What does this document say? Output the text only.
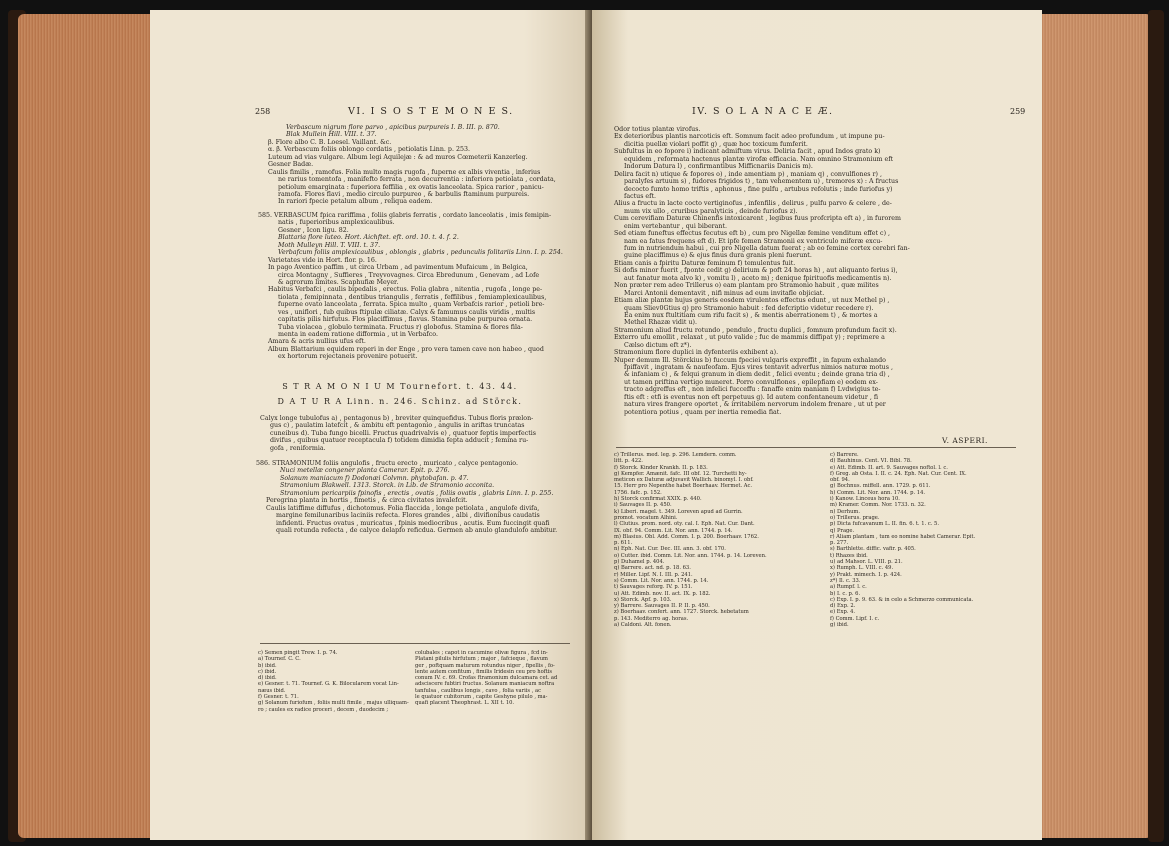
258	VI. I S O S T E M O N E S.
Verbascum nigrum flore parvo , apicibus purpureis I. B. III. p. 870.
Blak Mullein Hill. VIII. t. 37.
β. Flore albo C. B. Loesel. Vaillant. &c.
α. β. Verbascum foliis oblongo cordatis , petiolatis Linn. p. 253.
Luteum ad vias vulgare. Album legi Aquilejæ : & ad muros Cœmeterii Kanzerleg.
Gesner Badæ.
Caulis fimilis , ramofus. Folia multo magis rugofa , fuperne ex albis viventia , inferius
ne rarius tomentofa , manifefto ferrata , non decurrentia : inferiora petiolata , cordata,
petiolum emarginata : fuperiora feffilia , ex ovatis lanceolata. Spica rarior , panicu-
ramofa. Flores flavi , medio circulo purpureo , & barbulis ftaminum purpureis.
In rariori fpecie petalum album , reliqua eadem.
585. VERBASCUM fpica rariffima , foliis glabris ferratis , cordato lanceolatis , imis femipin-
natis , fuperioribus amplexicaulibus.
Gesner , Icon ligu. 82.
Blattaria flore luteo. Hort. Aichftet. eft. ord. 10. t. 4. f. 2.
Moth Mulleyn Hill. T. VIII. t. 37.
Verbafcum foliis amplexicaulibus , oblongis , glabris , pedunculis folitariis Linn. I. p. 254.
Varietates vide in Hort. flor. p. 16.
In pago Aventico paffim , ut circa Urbam , ad pavimentum Mufaicum , in Belgica,
circa Montagny , Suffieres , Treyvovagnes. Circa Ebredunum , Genevam , ad Lofe
& agrorum limites. Scaphufiæ Meyer.
Habitus Verbafci , caulis bipedalis , erectus. Folia glabra , nitentia , rugofa , longe pe-
tiolata , femipinnata , dentibus triangulis , ferratis , feffilibus , femiamplexicaulibus,
fuperne ovato lanceolata , ferrata. Spica multo , quam Verbafcis rarior , petioli bre-
ves , uniflori , fub quibus ftipulæ ciliatæ. Calyx & famumus caulis viridis , multis
capitatis pilis hirfutus. Flos placiffimus , flavus. Stamina pube purpurea ornata.
Tuba violacea , globulo terminata. Fructus r) globofus. Stamina & flores fila-
menta in eadem ratione difformia , ut in Verbafco.
Amara & acris nullius ufus eft.
Album Blattarium equidem reperi in der Enge , pro vera tamen cave non habeo , quod
ex hortorum rejectaneis provenire potuerit.
S T R A M O N I U M Tournefort. t. 43. 44.
D A T U R A Linn. n. 246. Schinz. ad Störck.
Calyx longe tubulofus a) , pentagonus b) , breviter quinquefidus. Tubus floris prælon-
gus c) , paulatim latefcit , & ambitu eft pentagonio , angulis in ariftas truncatas
cuneibus d). Tuba fungo bicelli. Fructus quadrivalvis e) , quatuor feptis imperfectis
divifus , quibus quatuor receptacula f) totidem dimidia fepta adducit ; femina ru-
gofa , reniformia.
586. STRAMONIUM foliis angulofis , fructu erecto , muricato , calyce pentagonio.
Nuci metellæ congener planta Camerar. Epit. p. 276.
Solanum maniacum f) Dodonæi Colvmn. phytobafan. p. 47.
Stramonium Blakwell. 1313. Storck. in Lib. de Stramonio acconita.
Stramonium pericarpiis fpinofis , erectis , ovatis , foliis ovatis , glabris Linn. I. p. 255.
Peregrina planta in hortis , fimetis , & circa civitates invalefcit.
Caulis latiffime diffufus , dichotomus. Folia flaccida , longe petiolata , angulofe divifa,
margine femilunaribus laciniis refecta. Flores grandes , albi , divifionibus caudatis
infidenti. Fructus ovatus , muricatus , fpinis mediocribus , acutis. Eum fuccingit quafi
quali rotunda refecta , de calyce delapfo reficdua. Germen ab anulo glandulofo ambitur.
c) Semen pingit Trew. I. p. 74.
a) Tournef. C. C.
b) ibid.
c) ibid.
d) ibid.
e) Gesner. t. 71. Tournef. G. K. Bilocularem vocat Lin-
næus ibid.
f) Gesner. t. 71.
g) Solanum furiofum , foliis multi fimile , majus ulliquam-
ro ; caules ex radice proceri , decem , duodecim ;
colubales ; capot in cacumine olivæ figura , fcd in-
Platani pilulis hirfutum ; major , fafcieque , flavum
ger , poftquam maturum rotundus niger , fipellis , fo-
lente autem confitum , fimilis Iridesin ceu pro hoftis
conum IV. c. 69. Crofas ftramonium dulcamara cet. ad
adsciscere fubtiri fructus. Solanum maniacum noftra
tanfulsa , caulibus longis , cavo , folia variis , ac
le quatuor cubitorum , capite Geshyne pilulo , ma-
quafi placent Theophrast. L. XII t. 10.
IV. S O L A N A C E Æ.	259
Odor totius plantæ virofus.
Ex deterioribus plantis narcoticis eft. Somnum facit adeo profundum , ut impune pu-
dicitia puellæ violari poffit g) , quæ hoc toxicum fumferit.
Subfultus in eo fopore i) indicant admiftum virus. Deliria facit , apud Indos grato k)
equidem , reformata hactenus plantæ virofæ efficacia. Nam omnino Stramonium eft
Indorum Datura l) , confirmantibus Mifficnariis Danicis m).
Delira facit n) utique & fopores o) , inde amentiam p) , maniam q) , convulfiones r) ,
paralyfes artuum s) , fudores frigidos t) , tam vehementem u) , tremores x) : A fructus
decocto fumto homo triftis , aphonus , fine pulfu , artubus refolutis ; inde furiofus y)
factus eft.
Alius a fructu in lacte cocto vertiginofus , infenfilis , delirus , pulfu parvo & celere , de-
mum vix ullo , cruribus paralyticis , deinde furiofus z).
Cum cerevifiam Daturæ Chinenfis intoxicarent , legibus fuus profcripta eft a) , in furorem
enim vertebantur , qui biberant.
Sed etiam funeftus effectus fecutus eft b) , cum pro Nigellæ femine venditum effet c) ,
nam ea fatus frequens eft d). Et ipfe femen Stramonii ex ventriculo miferæ excu-
fum in nutriendum habui , cui pro Nigella datum fuerat ; ab eo femine cortex cerebri fan-
guine placiffimus e) & ejus finus dura granis pleni fuerunt.
Etiam canis a fpiritu Daturæ feminum f) temulentus fuit.
Si dofis minor fuerit , fponte cedit g) delirium & poft 24 horas h) , aut aliquanto ferius i),
aut fanatur mota alvo k) , vomitu l) , aceto m) ; denique fpirituofis medicamentis n).
Non præter rem adeo Trillerus o) eam plantam pro Stramonio habuit , quæ milites
Marci Antonii dementavit , nifi minus ad eum invitafle objiciat.
Etiam aliæ plantæ hujus generis eosdem virulentos effectus edunt , ut nux Methel p) ,
quam Sliev0Gtius q) pro Stramonio habuit : fed defcriptio videtur recedere r).
Ea enim nux ftultitiam cum rifu facit s) , & mentis aberrationem t) , & mortes a
Methel Rhazæ vidit u).
Stramonium aliud fructu rotundo , pendulo , fructu duplici , fomnum profundum facit x).
Exterro ufu emollit , relaxat , ut puto valide ; fuc de mammis diffipat y) ; reprimere a
Cælso dictum eft z*).
Stramonium flore duplici in dyfenteriis exhibent a).
Nuper demum Ill. Störckius b) fuccum fpeciei vulgaris expreffit , in fapum exhalando
fpiffavit , ingratam & naufeofam. Ejus vires tentavit adverfus nimios naturæ motus ,
& infaniam c) , & felqui granum in diem dedit , felici eventu ; deinde grana tria d) ,
ut tamen priftina vertigo muneret. Porro convulfiones , epilepfiam e) eodem ex-
tracto adgreffus eft , non infelici fucceffu : fanaffe enim maniam f) Lvdwigius te-
ftis eft : etfi is eventus non eft perpetuus g). Id autem confentaneum videtur , fi
natura vires frangere oportet , & irritabilem nervorum indolem frenare , ut ut per
potentiora potius , quam per inertia remedia fiat.
V. ASPERI.
c) Trillerus. med. leg. p. 296. Lemdern. comm.
litt. p. 422.
f) Storck. Kinder Krankh. II. p. 183.
g) Kempfer. Amænit. fafc. III obf. 12. Turchetti hy-
meticon ex Daturæ adjuvavit Wallich. binomyl. I. obf.
15. Herr pro Nepenthe habet Boerhaav. Hermet. Ac.
1756. fafc. p. 152.
h) Storck confirmat XXIX. p. 440.
i) Sauvages II. p. 450.
k) Liberi. magel. t. 349. Loreven apud ad Gurrin.
promot. vocatum Alhini.
l) Clutius. prom. nord. oty. cal. I. Eph. Nat. Cur. Dant.
IX. obf. 94. Comm. Lit. Nor. ann. 1744. p. 14.
m) Blasius. Obl. Add. Comm. I. p. 200. Boerhaav. 1762.
p. 611.
n) Eph. Nat. Cur. Dec. III. ann. 3. obf. 170.
o) Cutter. ibid. Comm. Lit. Nor. ann. 1744. p. 14. Loreven.
p) Duhamel p. 404.
q) Barrere. act. nd. p. 18. 63.
r) Miller. Lipf. N. I. III. p. 241.
s) Comm. Lit. Nor. ann. 1744. p. 14.
t) Sauvages reforg. IV. p. 151.
u) Att. Edimb. nov. II. act. IX. p. 182.
x) Storck. Apf. p. 103.
y) Barrere. Sauvages II. P. II. p. 450.
z) Boerhaav. confert. ann. 1727. Storck. hebetatum
p. 143. Mediterro ag. horas.
a) Caldoni. Alt. fonen.
c) Barrere.
d) Bauhinus. Cent. VI. Bibl. 78.
e) Att. Edimb. II. art. 9. Sauvages noftol. l. c.
f) Greg. ab Osta. I. II. c. 24. Eph. Nat. Cur. Cent. IX.
obf. 94.
g) Bochnus. miffell. ann. 1729. p. 611.
h) Comm. Lit. Nor. ann. 1744. p. 14.
i) Kanow. Linceus hora 10.
m) Kramer. Comm. Nor. 1733. n. 32.
n) Derhum.
o) Trillerus. prage.
p) Dicta fufcavanum L. II. fin. 6. t. 1. c. 5.
q) Prage.
r) Aliam plantam , tum eo nomine habet Camerar. Epit.
p. 277.
s) Barthlette. diffic. vafir. p. 405.
t) Rhazes ibid.
u) ad Mahsor. L. VIII. p. 21.
x) Rumph. L. VIII. c. 49.
y) Prakt. mimech. I. p. 424.
z*) Il. c. 33.
a) Rumpf. l. c.
b) I. c. p. 6.
c) Exp. I. p. 9. 63. & in celo a Schmerzo communicata.
d) Exp. 2.
e) Exp. 4.
f) Comm. Lipf. I. c.
g) ibid.
